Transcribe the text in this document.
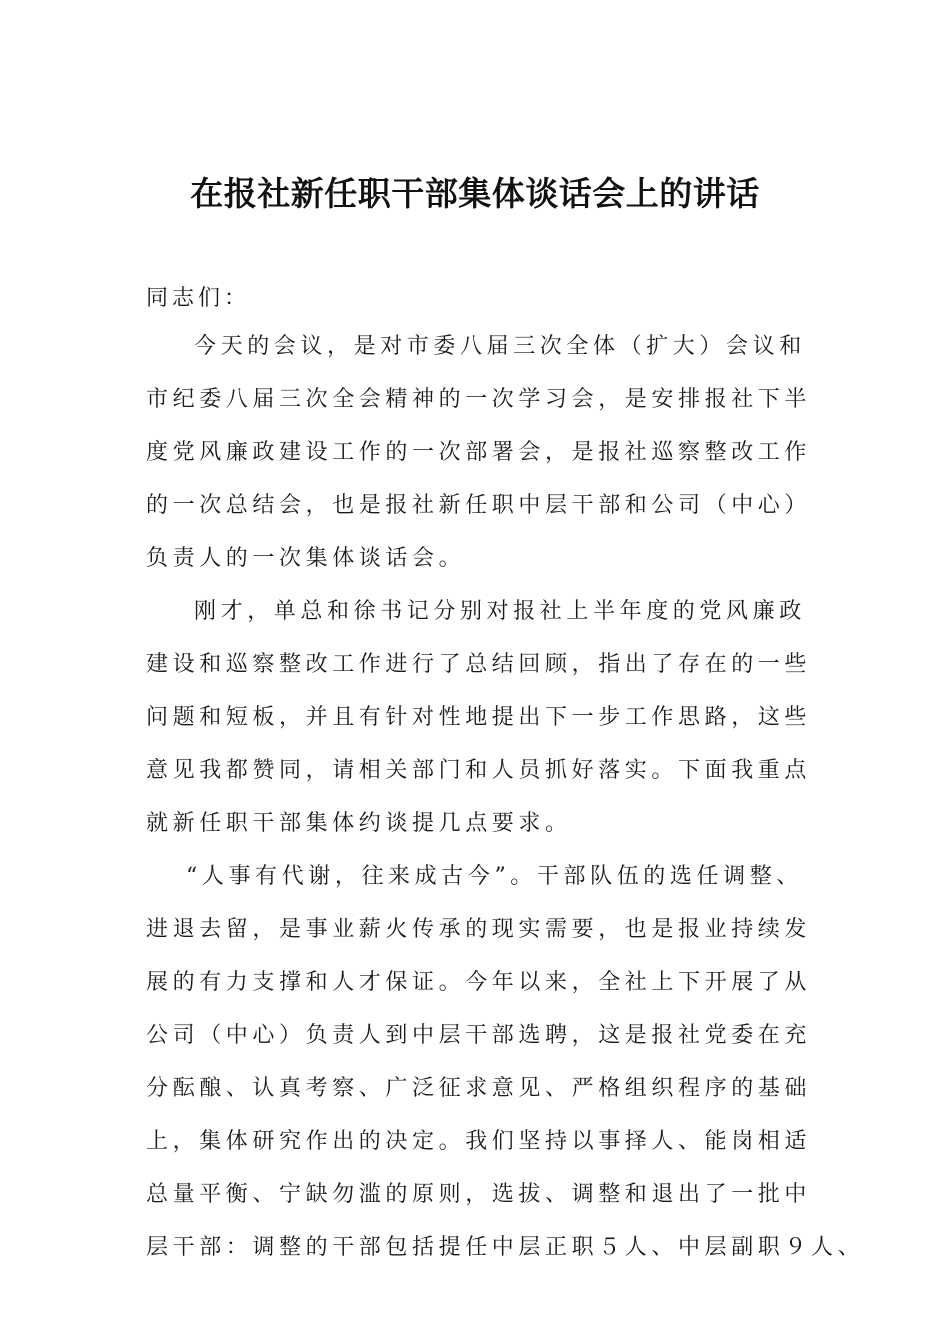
在报社新任职干部集体谈话会上的讲话
同志们：
今天的会议，是对市委八届三次全体（扩大）会议和
市纪委八届三次全会精神的一次学习会，是安排报社下半
度党风廉政建设工作的一次部署会，是报社巡察整改工作
的一次总结会，也是报社新任职中层干部和公司（中心）
负责人的一次集体谈话会。
刚才，单总和徐书记分别对报社上半年度的党风廉政
建设和巡察整改工作进行了总结回顾，指出了存在的一些
问题和短板，并且有针对性地提出下一步工作思路，这些
意见我都赞同，请相关部门和人员抓好落实。下面我重点
就新任职干部集体约谈提几点要求。
“人事有代谢，往来成古今”。干部队伍的选任调整、
进退去留，是事业薪火传承的现实需要，也是报业持续发
展的有力支撑和人才保证。今年以来，全社上下开展了从
公司（中心）负责人到中层干部选聘，这是报社党委在充
分酝酿、认真考察、广泛征求意见、严格组织程序的基础
上，集体研究作出的决定。我们坚持以事择人、能岗相适
总量平衡、宁缺勿滥的原则，选拔、调整和退出了一批中
层干部：调整的干部包括提任中层正职５人、中层副职９人、
